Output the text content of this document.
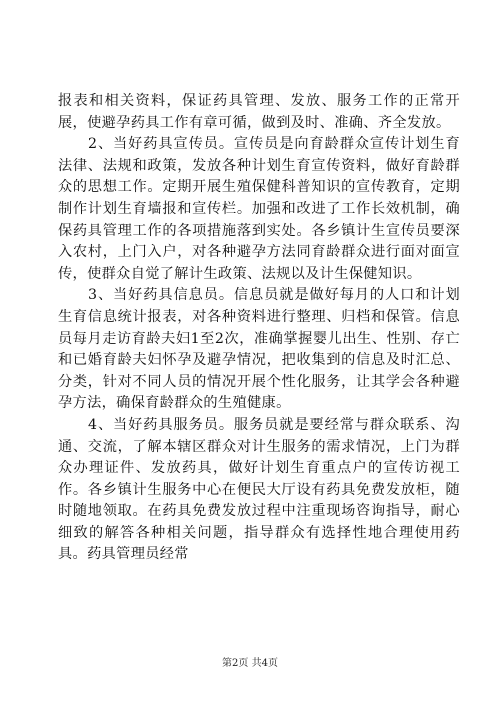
报表和相关资料，保证药具管理、发放、服务工作的正常开展，使避孕药具工作有章可循，做到及时、准确、齐全发放。

2、当好药具宣传员。宣传员是向育龄群众宣传计划生育法律、法规和政策，发放各种计划生育宣传资料，做好育龄群众的思想工作。定期开展生殖保健科普知识的宣传教育，定期制作计划生育墙报和宣传栏。加强和改进了工作长效机制，确保药具管理工作的各项措施落到实处。各乡镇计生宣传员要深入农村，上门入户，对各种避孕方法同育龄群众进行面对面宣传，使群众自觉了解计生政策、法规以及计生保健知识。

3、当好药具信息员。信息员就是做好每月的人口和计划生育信息统计报表，对各种资料进行整理、归档和保管。信息员每月走访育龄夫妇1至2次，准确掌握婴儿出生、性别、存亡和已婚育龄夫妇怀孕及避孕情况，把收集到的信息及时汇总、分类，针对不同人员的情况开展个性化服务，让其学会各种避孕方法，确保育龄群众的生殖健康。

4、当好药具服务员。服务员就是要经常与群众联系、沟通、交流，了解本辖区群众对计生服务的需求情况，上门为群众办理证件、发放药具，做好计划生育重点户的宣传访视工作。各乡镇计生服务中心在便民大厅设有药具免费发放柜，随时随地领取。在药具免费发放过程中注重现场咨询指导，耐心细致的解答各种相关问题，指导群众有选择性地合理使用药具。药具管理员经常

第2页 共4页
